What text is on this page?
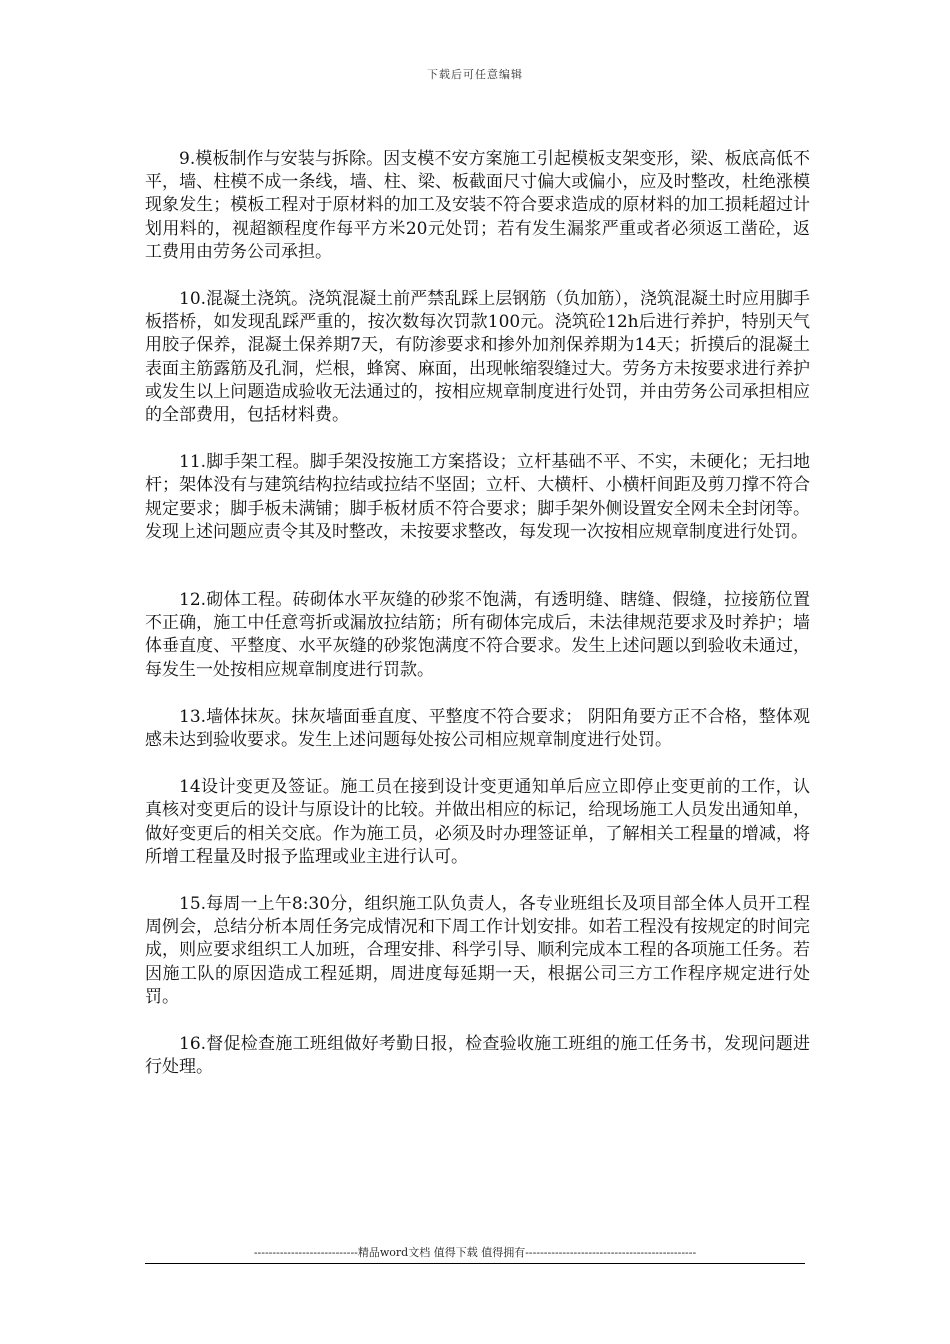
下载后可任意编辑

9.模板制作与安装与拆除。因支模不安方案施工引起模板支架变形，梁、板底高低不平，墙、柱模不成一条线，墙、柱、梁、板截面尺寸偏大或偏小，应及时整改，杜绝涨模现象发生；模板工程对于原材料的加工及安装不符合要求造成的原材料的加工损耗超过计划用料的，视超额程度作每平方米20元处罚；若有发生漏浆严重或者必须返工凿砼，返工费用由劳务公司承担。

10.混凝土浇筑。浇筑混凝土前严禁乱踩上层钢筋（负加筋），浇筑混凝土时应用脚手板搭桥，如发现乱踩严重的，按次数每次罚款100元。浇筑砼12h后进行养护，特别天气用胶子保养，混凝土保养期7天，有防渗要求和掺外加剂保养期为14天；折摸后的混凝土表面主筋露筋及孔洞，烂根，蜂窝、麻面，出现帐缩裂缝过大。劳务方未按要求进行养护或发生以上问题造成验收无法通过的，按相应规章制度进行处罚，并由劳务公司承担相应的全部费用，包括材料费。

11.脚手架工程。脚手架没按施工方案搭设；立杆基础不平、不实，未硬化；无扫地杆；架体没有与建筑结构拉结或拉结不坚固；立杆、大横杆、小横杆间距及剪刀撑不符合规定要求；脚手板未满铺；脚手板材质不符合要求；脚手架外侧设置安全网未全封闭等。发现上述问题应责令其及时整改，未按要求整改，每发现一次按相应规章制度进行处罚。

12.砌体工程。砖砌体水平灰缝的砂浆不饱满，有透明缝、瞎缝、假缝，拉接筋位置不正确，施工中任意弯折或漏放拉结筋；所有砌体完成后，未法律规范要求及时养护；墙体垂直度、平整度、水平灰缝的砂浆饱满度不符合要求。发生上述问题以到验收未通过，每发生一处按相应规章制度进行罚款。

13.墙体抹灰。抹灰墙面垂直度、平整度不符合要求； 阴阳角要方正不合格，整体观感未达到验收要求。发生上述问题每处按公司相应规章制度进行处罚。

14设计变更及签证。施工员在接到设计变更通知单后应立即停止变更前的工作，认真核对变更后的设计与原设计的比较。并做出相应的标记，给现场施工人员发出通知单，做好变更后的相关交底。作为施工员，必须及时办理签证单，了解相关工程量的增减，将所增工程量及时报予监理或业主进行认可。

15.每周一上午8:30分，组织施工队负责人，各专业班组长及项目部全体人员开工程周例会，总结分析本周任务完成情况和下周工作计划安排。如若工程没有按规定的时间完成，则应要求组织工人加班，合理安排、科学引导、顺利完成本工程的各项施工任务。若因施工队的原因造成工程延期，周进度每延期一天，根据公司三方工作程序规定进行处罚。

16.督促检查施工班组做好考勤日报，检查验收施工班组的施工任务书，发现问题进行处理。

----------------------------精品word文档 值得下载 值得拥有----------------------------------------------
